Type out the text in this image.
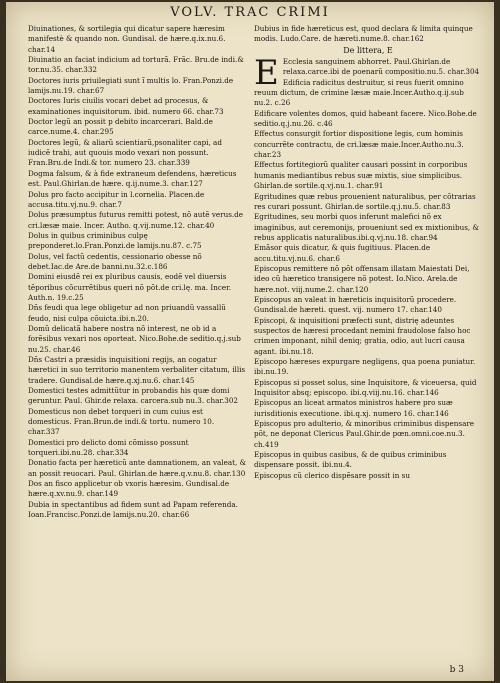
VOLV. TRAC CRIMI
Diuinationes, & sortilegia qui dicatur sapere hæresim manifestè & quando non. Gundisal. de hære.q.ix.nu.6. char.14
Diuinatio an faciat indicium ad torturã. Frãc. Bru.de indi.& tor.nu.35. char.332
Doctores iuris priuilegiati sunt ĩ multis lo. Fran.Ponzi.de lamijs.nu.19. char.67
Doctores Iuris ciuilis vocari debet ad procesus, & examinationes inquisitorum. ibid. numero 66. char.73
Doctor legũ an possit p debito incarcerari. Bald.de carce.nume.4. char.295
Doctores legũ, & aliarũ scientiarũ,psonaliter capi, ad iudicẽ trahi, aut quouis modo vexari non possunt. Fran.Bru.de Indi.& tor. numero 23. char.339
Dogma falsum, & à fide extraneum defendens, hæreticus est. Paul.Ghirlan.de hære. q.ij.nume.3. char.127
Dolus pro facto accipitur in l.cornelia. Placen.de accusa.titu.vj.nu.9. char.7
Dolus præsumptus futurus remitti potest, nõ autẽ verus.de cri.læsæ maie. Incer. Autho. q.vij.nume.12. char.40
Dolus in quibus criminibus culpę preponderet.lo.Fran.Ponzi.de lamijs.nu.87. c.75
Dolus, vel factũ cedentis, cessionario obesse nõ debet.Iac.de Are.de banni.nu.32.c.186
Domini eiusdẽ rei ex pluribus causis, eodẽ vel diuersis tẽporibus cõcurrẽtibus queri nõ põt.de cri.lę. ma. Incer. Auth.n. 19.c.25
Dñs feudi qua lege obligetur ad non priuandũ vassallũ feudo, nisi culpa cõuicta.ibi.n.20.
Domũ delicatã habere nostra nõ interest, ne ob id a forẽsibus vexari nos oporteat. Nico.Bohe.de seditio.q.j.sub nu.25. char.46
Dñs Castri a præsidis inquisitioni regijs, an cogatur hæretici in suo territorio manentem verbaliter citatum, illis tradere. Gundisal.de hære.q.xj.nu.6. char.145
Domestici testes admittũtur in probandis his quæ domi geruntur. Paul. Ghir.de relaxa. carcera.sub nu.3. char.302
Domesticus non debet torqueri in cum cuius est domesticus. Fran.Brun.de indi.& tortu. numero 10. char.337
Domestici pro delicto domi cõmisso possunt torqueri.ibi.nu.28. char.334
Donatio facta per hæreticũ ante damnationem, an valeat, & an possit reuocari. Paul. Ghirlan.de hære.q.v.nu.8. char.130
Dos an fisco applicetur ob vxoris hæresim. Gundisal.de hære.q.xv.nu.9. char.149
Dubia in spectantibus ad fidem sunt ad Papam referenda. Ioan.Francisc.Ponzi.de lamijs.nu.20. char.66
Dubius in fide hæreticus est, quod declara & limita quinque modis. Ludo.Care. de hæreti.nume.8. char.162
De littera, E
E Ecclesia sanguinem abhorret. Paul.Ghirlan.de relaxa.carce.ibi de poenarũ compositio.nu.5. char.304
Edificia radicitus destruitur, si reus fuerit omnino reuum dictum, de crimine læsæ maie.Incer.Autho.q.ij.sub nu.2. c.26
Edificare volentes domos, quid habeant facere. Nico.Bohe.de seditio.q.j.nu.26. c.46
Effectus consurgit fortior dispositione legis, cum hominis concurrẽte contractu, de cri.læsæ maie.Incer.Autho.nu.3. char.23
Effectus fortitegiorũ qualiter causari possint in corporibus humanis mediantibus rebus suæ mixtis, siue simplicibus. Ghirlan.de sortile.q.vj.nu.1. char.91
Egritudines quæ rebus prouenient naturalibus, per cõtrarias res curari possunt. Ghirlan.de sortile.q.j.nu.5. char.83
Egritudines, seu morbi quos inferunt malefici nõ ex imaginibus, aut ceremonijs, proueniunt sed ex mixtionibus, & rebus applicatis naturalibus.ibi.q.vj.nu.18. char.94
Emãsor quis dicatur, & quis fugitiuus. Placen.de accu.titu.vj.nu.6. char.6
Episcopus remittere nõ põt offensam illatam Maiestati Dei, ideo cũ hæretico transigere nõ potest. Io.Nico. Arela.de hære.not. viij.nume.2. char.120
Episcopus an valeat in hæreticis inquisitorũ procedere. Gundisal.de hæreti. quest. vij. numero 17. char.140
Episcopi, & inquisitioni præfecti sunt, distrię adeuntes suspectos de hæresi procedant nemini fraudolose falso hoc crimen imponant, nihil deniq; gratia, odio, aut lucri causa agant. ibi.nu.18.
Episcopo hæreses expurgare negligens, qua poena puniatur. ibi.nu.19.
Episcopus si posset solus, sine Inquisitore, & viceuersa, quid Inquisitor absq; episcopo. ibi.q.viij.nu.16. char.146
Episcopus an liceat armatos ministros habere pro suæ iurisditionis executione. ibi.q.xj. numero 16. char.146
Episcopus pro adulterio, & minoribus criminibus dispensare põt, ne deponat Clericus Paul.Ghir.de pœn.omni.coe.nu.3. ch.419
Episcopus in quibus casibus, & de quibus criminibus dispensare possit. ibi.nu.4.
Episcopus cũ clerico dispẽsare possit in su
b 3
